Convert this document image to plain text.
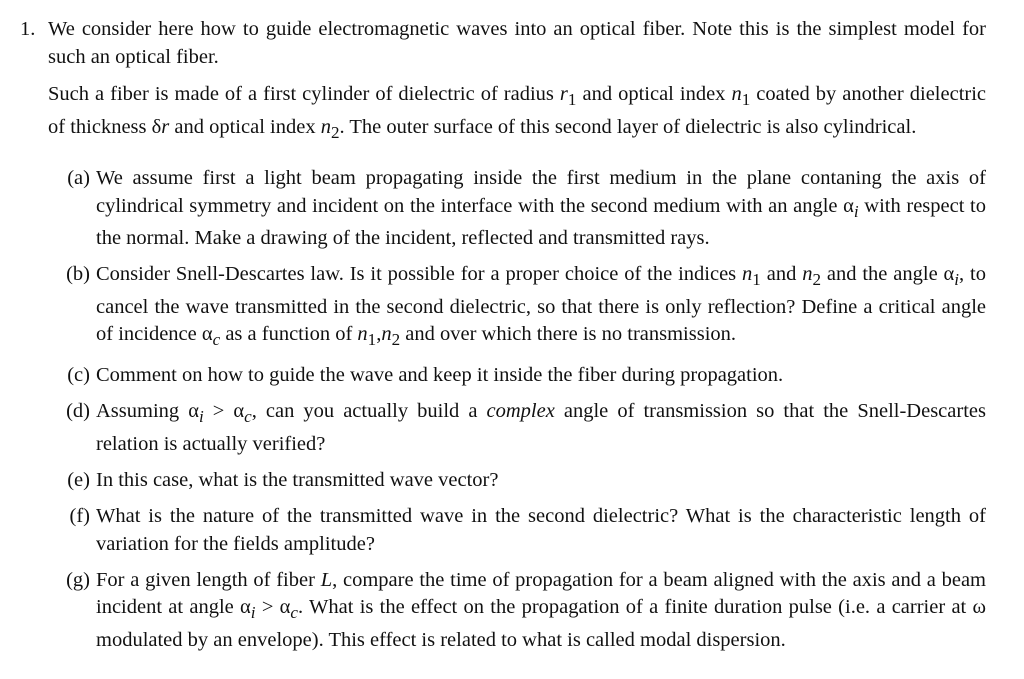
1. We consider here how to guide electromagnetic waves into an optical fiber. Note this is the simplest model for such an optical fiber.

Such a fiber is made of a first cylinder of dielectric of radius $r_1$ and optical index $n_1$ coated by another dielectric of thickness δr and optical index $n_2$. The outer surface of this second layer of dielectric is also cylindrical.

(a) We assume first a light beam propagating inside the first medium in the plane contaning the axis of cylindrical symmetry and incident on the interface with the second medium with an angle $\alpha_i$ with respect to the normal. Make a drawing of the incident, reflected and transmitted rays.
(b) Consider Snell-Descartes law. Is it possible for a proper choice of the indices $n_1$ and $n_2$ and the angle $\alpha_i$, to cancel the wave transmitted in the second dielectric, so that there is only reflection? Define a critical angle of incidence $\alpha_c$ as a function of $n_1,n_2$ and over which there is no transmission.
(c) Comment on how to guide the wave and keep it inside the fiber during propagation.
(d) Assuming $\alpha_i > \alpha_c$, can you actually build a complex angle of transmission so that the Snell-Descartes relation is actually verified?
(e) In this case, what is the transmitted wave vector?
(f) What is the nature of the transmitted wave in the second dielectric? What is the characteristic length of variation for the fields amplitude?
(g) For a given length of fiber L, compare the time of propagation for a beam aligned with the axis and a beam incident at angle $\alpha_i > \alpha_c$. What is the effect on the propagation of a finite duration pulse (i.e. a carrier at ω modulated by an envelope). This effect is related to what is called modal dispersion.
